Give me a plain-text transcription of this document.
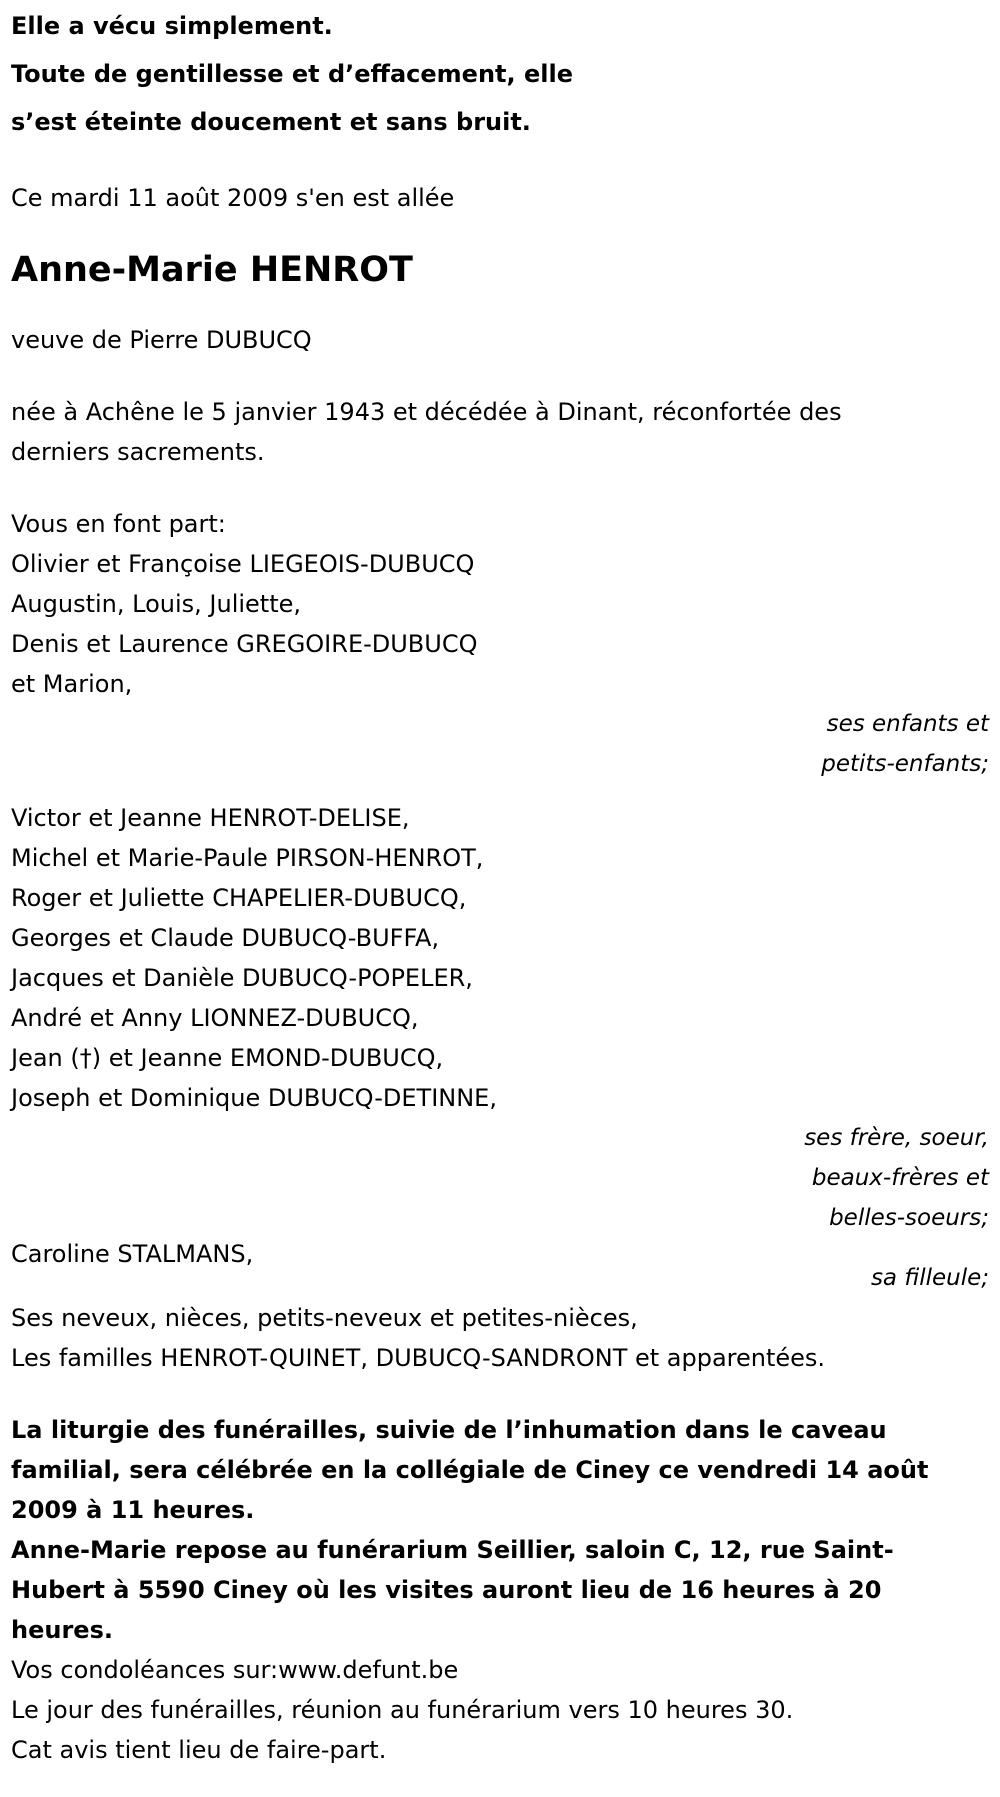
Elle a vécu simplement.
Toute de gentillesse et d’effacement, elle
s’est éteinte doucement et sans bruit.
Ce mardi 11 août 2009 s'en est allée
Anne-Marie HENROT
veuve de Pierre DUBUCQ
née à Achêne le 5 janvier 1943 et décédée à Dinant, réconfortée des
derniers sacrements.
Vous en font part:
Olivier et Françoise LIEGEOIS-DUBUCQ
Augustin, Louis, Juliette,
Denis et Laurence GREGOIRE-DUBUCQ
et Marion,
ses enfants et
petits-enfants;
Victor et Jeanne HENROT-DELISE,
Michel et Marie-Paule PIRSON-HENROT,
Roger et Juliette CHAPELIER-DUBUCQ,
Georges et Claude DUBUCQ-BUFFA,
Jacques et Danièle DUBUCQ-POPELER,
André et Anny LIONNEZ-DUBUCQ,
Jean (†) et Jeanne EMOND-DUBUCQ,
Joseph et Dominique DUBUCQ-DETINNE,
ses frère, soeur,
beaux-frères et
belles-soeurs;
Caroline STALMANS,
sa filleule;
Ses neveux, nièces, petits-neveux et petites-nièces,
Les familles HENROT-QUINET, DUBUCQ-SANDRONT et apparentées.
La liturgie des funérailles, suivie de l’inhumation dans le caveau
familial, sera célébrée en la collégiale de Ciney ce vendredi 14 août
2009 à 11 heures.
Anne-Marie repose au funérarium Seillier, saloin C, 12, rue Saint-
Hubert à 5590 Ciney où les visites auront lieu de 16 heures à 20
heures.
Vos condoléances sur:www.defunt.be
Le jour des funérailles, réunion au funérarium vers 10 heures 30.
Cat avis tient lieu de faire-part.
